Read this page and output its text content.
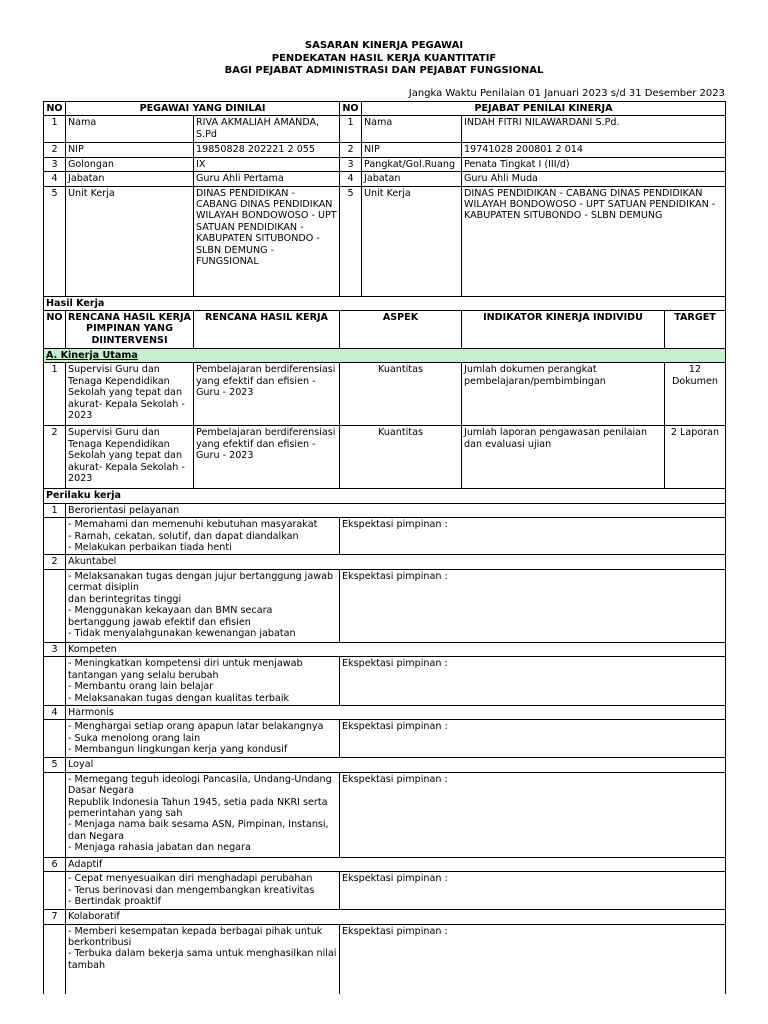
SASARAN KINERJA PEGAWAI
PENDEKATAN HASIL KERJA KUANTITATIF
BAGI PEJABAT ADMINISTRASI DAN PEJABAT FUNGSIONAL
Jangka Waktu Penilaian 01 Januari 2023 s/d 31 Desember 2023
NO	PEGAWAI YANG DINILAI		NO	PEJABAT PENILAI KINERJA		
1	Nama	RIVA AKMALIAH AMANDA, S.Pd	1	Nama	INDAH FITRI NILAWARDANI S.Pd.	
2	NIP	19850828 202221 2 055	2	NIP	19741028 200801 2 014	
3	Golongan	IX	3	Pangkat/Gol.Ruang	Penata Tingkat I (III/d)	
4	Jabatan	Guru Ahli Pertama	4	Jabatan	Guru Ahli Muda	
5	Unit Kerja	DINAS PENDIDIKAN - CABANG DINAS PENDIDIKAN WILAYAH BONDOWOSO - UPT SATUAN PENDIDIKAN - KABUPATEN SITUBONDO - SLBN DEMUNG - FUNGSIONAL	5	Unit Kerja	DINAS PENDIDIKAN - CABANG DINAS PENDIDIKAN WILAYAH BONDOWOSO - UPT SATUAN PENDIDIKAN - KABUPATEN SITUBONDO - SLBN DEMUNG	
Hasil Kerja						
NO	RENCANA HASIL KERJA PIMPINAN YANG DIINTERVENSI	RENCANA HASIL KERJA	ASPEK		INDIKATOR KINERJA INDIVIDU	TARGET
A. Kinerja Utama						
1	Supervisi Guru dan Tenaga Kependidikan Sekolah yang tepat dan akurat- Kepala Sekolah - 2023	Pembelajaran berdiferensiasi yang efektif dan efisien - Guru - 2023	Kuantitas		Jumlah dokumen perangkat pembelajaran/pembimbingan	12 Dokumen
2	Supervisi Guru dan Tenaga Kependidikan Sekolah yang tepat dan akurat- Kepala Sekolah - 2023	Pembelajaran berdiferensiasi yang efektif dan efisien - Guru - 2023	Kuantitas		Jumlah laporan pengawasan penilaian dan evaluasi ujian	2 Laporan
Perilaku kerja						
1	Berorientasi pelayanan					
	- Memahami dan memenuhi kebutuhan masyarakat
- Ramah, cekatan, solutif, dan dapat diandalkan
- Melakukan perbaikan tiada henti		Ekspektasi pimpinan :			
2	Akuntabel					
	- Melaksanakan tugas dengan jujur bertanggung jawab cermat disiplin
dan berintegritas tinggi
- Menggunakan kekayaan dan BMN secara bertanggung jawab efektif dan efisien
- Tidak menyalahgunakan kewenangan jabatan		Ekspektasi pimpinan :			
3	Kompeten					
	- Meningkatkan kompetensi diri untuk menjawab tantangan yang selalu berubah
- Membantu orang lain belajar
- Melaksanakan tugas dengan kualitas terbaik		Ekspektasi pimpinan :			
4	Harmonis					
	- Menghargai setiap orang apapun latar belakangnya
- Suka menolong orang lain
- Membangun lingkungan kerja yang kondusif		Ekspektasi pimpinan :			
5	Loyal					
	- Memegang teguh ideologi Pancasila, Undang-Undang Dasar Negara
Republik Indonesia Tahun 1945, setia pada NKRI serta pemerintahan yang sah
- Menjaga nama baik sesama ASN, Pimpinan, Instansi, dan Negara
- Menjaga rahasia jabatan dan negara		Ekspektasi pimpinan :			
6	Adaptif					
	- Cepat menyesuaikan diri menghadapi perubahan
- Terus berinovasi dan mengembangkan kreativitas
- Bertindak proaktif		Ekspektasi pimpinan :			
7	Kolaboratif					
	- Memberi kesempatan kepada berbagai pihak untuk berkontribusi
- Terbuka dalam bekerja sama untuk menghasilkan nilai tambah		Ekspektasi pimpinan :			
